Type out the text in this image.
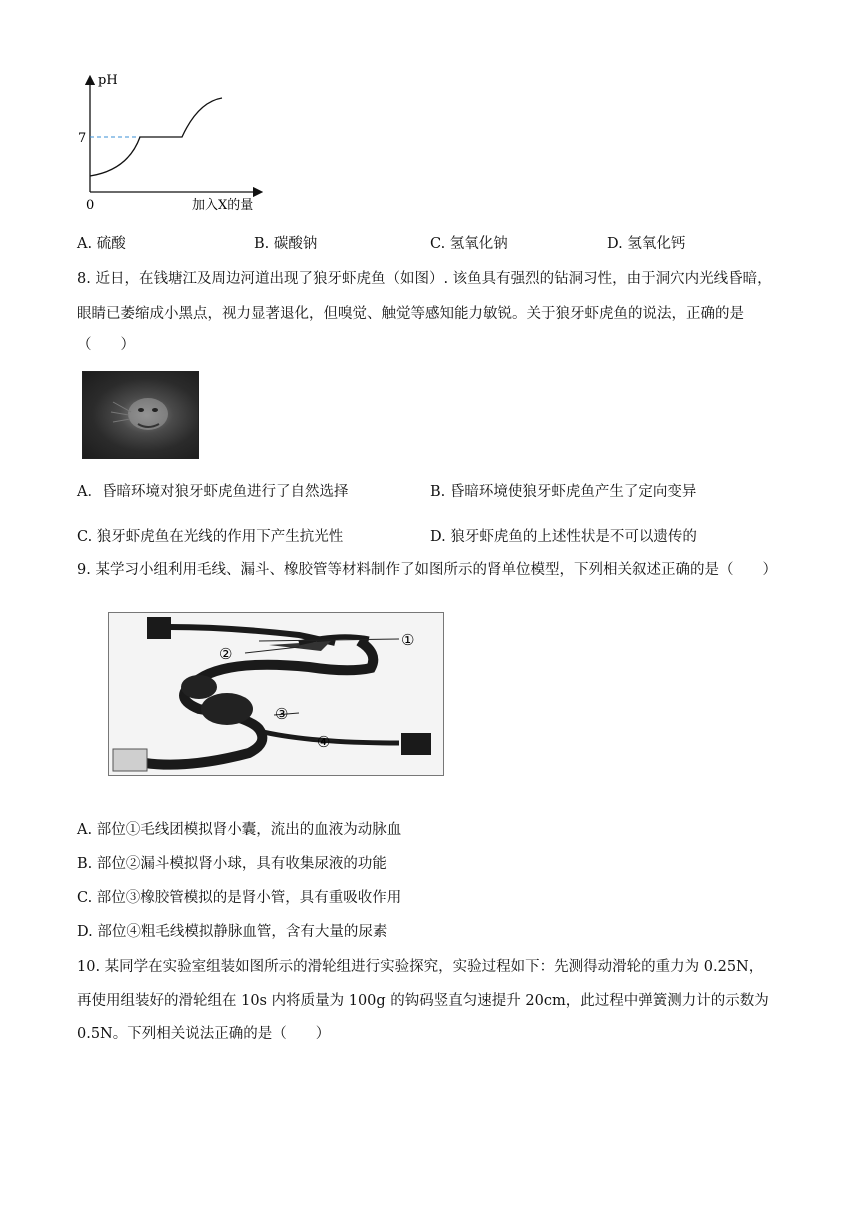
pH
7
0	加入X的量
A. 硫酸	B. 碳酸钠	C. 氢氧化钠	D. 氢氧化钙
8. 近日，在钱塘江及周边河道出现了狼牙虾虎鱼（如图）. 该鱼具有强烈的钻洞习性，由于洞穴内光线昏暗，
眼睛已萎缩成小黑点，视力显著退化，但嗅觉、触觉等感知能力敏锐。关于狼牙虾虎鱼的说法，正确的是
（　　）
A．昏暗环境对狼牙虾虎鱼进行了自然选择	B. 昏暗环境使狼牙虾虎鱼产生了定向变异
C. 狼牙虾虎鱼在光线的作用下产生抗光性	D. 狼牙虾虎鱼的上述性状是不可以遗传的
9. 某学习小组利用毛线、漏斗、橡胶管等材料制作了如图所示的肾单位模型，下列相关叙述正确的是（　　）
①
②
③
④
A. 部位①毛线团模拟肾小囊，流出的血液为动脉血
B. 部位②漏斗模拟肾小球，具有收集尿液的功能
C. 部位③橡胶管模拟的是肾小管，具有重吸收作用
D. 部位④粗毛线模拟静脉血管，含有大量的尿素
10. 某同学在实验室组装如图所示的滑轮组进行实验探究，实验过程如下：先测得动滑轮的重力为 0.25N，
再使用组装好的滑轮组在 10s 内将质量为 100g 的钩码竖直匀速提升 20cm，此过程中弹簧测力计的示数为
0.5N。下列相关说法正确的是（　　）
